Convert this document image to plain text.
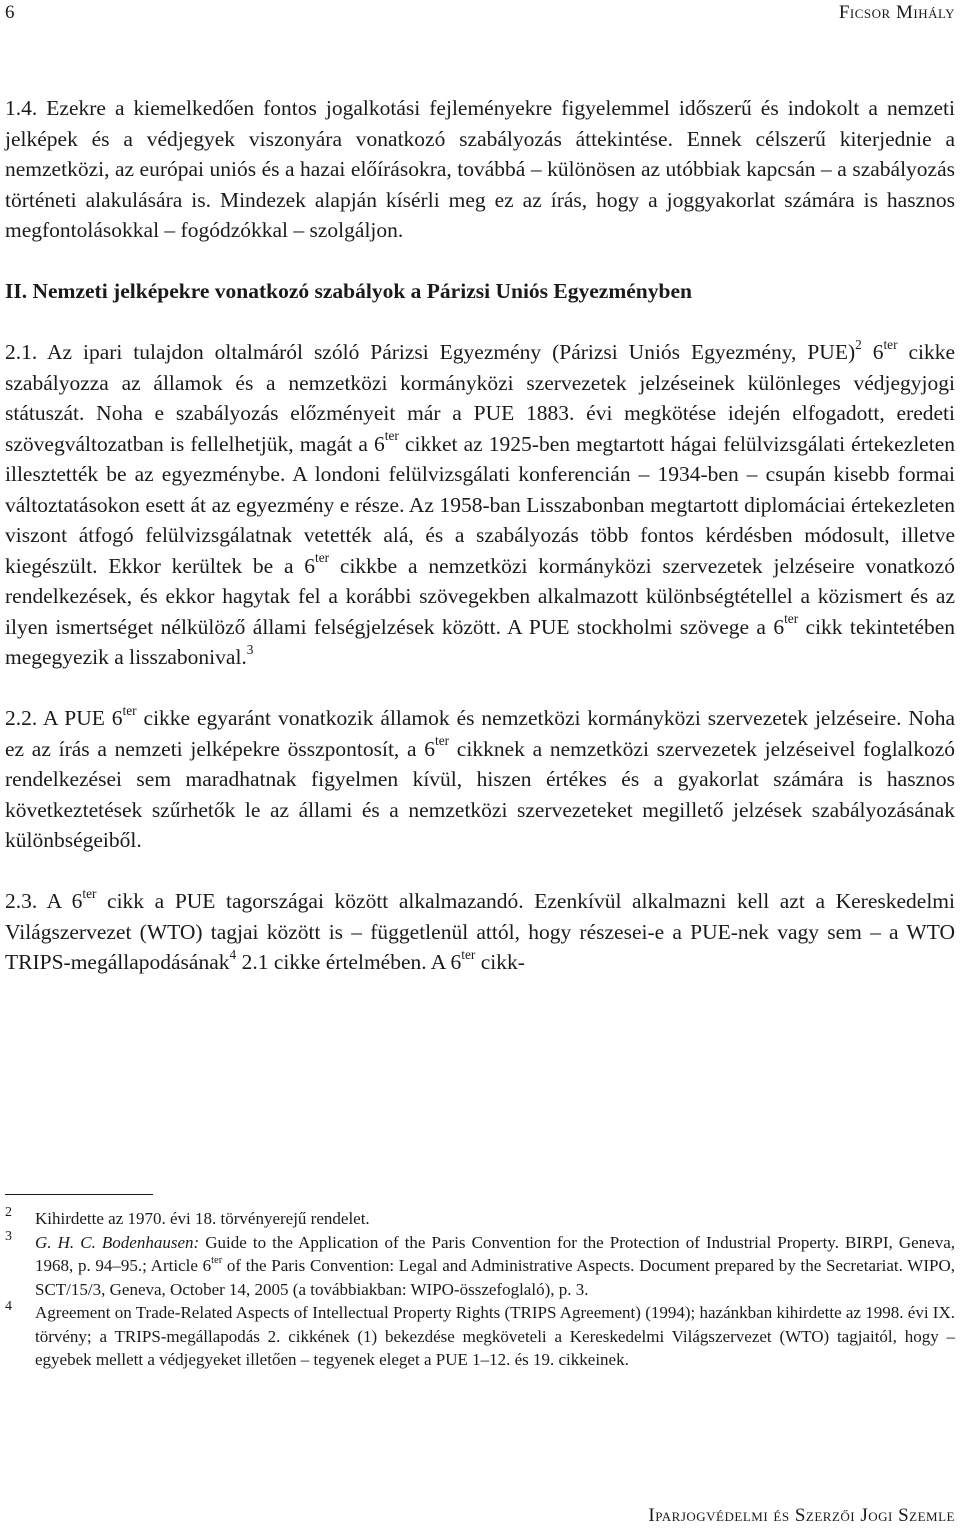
6	Ficsor Mihály

1.4. Ezekre a kiemelkedően fontos jogalkotási fejleményekre figyelemmel időszerű és indokolt a nemzeti jelképek és a védjegyek viszonyára vonatkozó szabályozás áttekintése. Ennek célszerű kiterjednie a nemzetközi, az európai uniós és a hazai előírásokra, továbbá – különösen az utóbbiak kapcsán – a szabályozás történeti alakulására is. Mindezek alapján kísérli meg ez az írás, hogy a joggyakorlat számára is hasznos megfontolásokkal – fogódzókkal – szolgáljon.

II. Nemzeti jelképekre vonatkozó szabályok a Párizsi Uniós Egyezményben

2.1. Az ipari tulajdon oltalmáról szóló Párizsi Egyezmény (Párizsi Uniós Egyezmény, PUE)$^2$ $6^{ter}$ cikke szabályozza az államok és a nemzetközi kormányközi szervezetek jelzéseinek különleges védjegyjogi státuszát. Noha e szabályozás előzményeit már a PUE 1883. évi megkötése idején elfogadott, eredeti szövegváltozatban is fellelhetjük, magát a $6^{ter}$ cikket az 1925-ben megtartott hágai felülvizsgálati értekezleten illesztették be az egyezménybe. A londoni felülvizsgálati konferencián – 1934-ben – csupán kisebb formai változtatásokon esett át az egyezmény e része. Az 1958-ban Lisszabonban megtartott diplomáciai értekezleten viszont átfogó felülvizsgálatnak vetették alá, és a szabályozás több fontos kérdésben módosult, illetve kiegészült. Ekkor kerültek be a $6^{ter}$ cikkbe a nemzetközi kormányközi szervezetek jelzéseire vonatkozó rendelkezések, és ekkor hagytak fel a korábbi szövegekben alkalmazott különbségtétellel a közismert és az ilyen ismertséget nélkülöző állami felségjelzések között. A PUE stockholmi szövege a $6^{ter}$ cikk tekintetében megegyezik a lisszabonival.$^3$

2.2. A PUE $6^{ter}$ cikke egyaránt vonatkozik államok és nemzetközi kormányközi szervezetek jelzéseire. Noha ez az írás a nemzeti jelképekre összpontosít, a $6^{ter}$ cikknek a nemzetközi szervezetek jelzéseivel foglalkozó rendelkezései sem maradhatnak figyelmen kívül, hiszen értékes és a gyakorlat számára is hasznos következtetések szűrhetők le az állami és a nemzetközi szervezeteket megillető jelzések szabályozásának különbségeiből.

2.3. A $6^{ter}$ cikk a PUE tagországai között alkalmazandó. Ezenkívül alkalmazni kell azt a Kereskedelmi Világszervezet (WTO) tagjai között is – függetlenül attól, hogy részesei-e a PUE-nek vagy sem – a WTO TRIPS-megállapodásának$^4$ 2.1 cikke értelmében. A $6^{ter}$ cikk-

2 Kihirdette az 1970. évi 18. törvényerejű rendelet.
3 G. H. C. Bodenhausen: Guide to the Application of the Paris Convention for the Protection of Industrial Property. BIRPI, Geneva, 1968, p. 94–95.; Article $6^{ter}$ of the Paris Convention: Legal and Administrative Aspects. Document prepared by the Secretariat. WIPO, SCT/15/3, Geneva, October 14, 2005 (a továbbiakban: WIPO-összefoglaló), p. 3.
4 Agreement on Trade-Related Aspects of Intellectual Property Rights (TRIPS Agreement) (1994); hazánkban kihirdette az 1998. évi IX. törvény; a TRIPS-megállapodás 2. cikkének (1) bekezdése megköveteli a Kereskedelmi Világszervezet (WTO) tagjaitól, hogy – egyebek mellett a védjegyeket illetően – tegyenek eleget a PUE 1–12. és 19. cikkeinek.
Iparjogvédelmi és Szerzői Jogi Szemle
